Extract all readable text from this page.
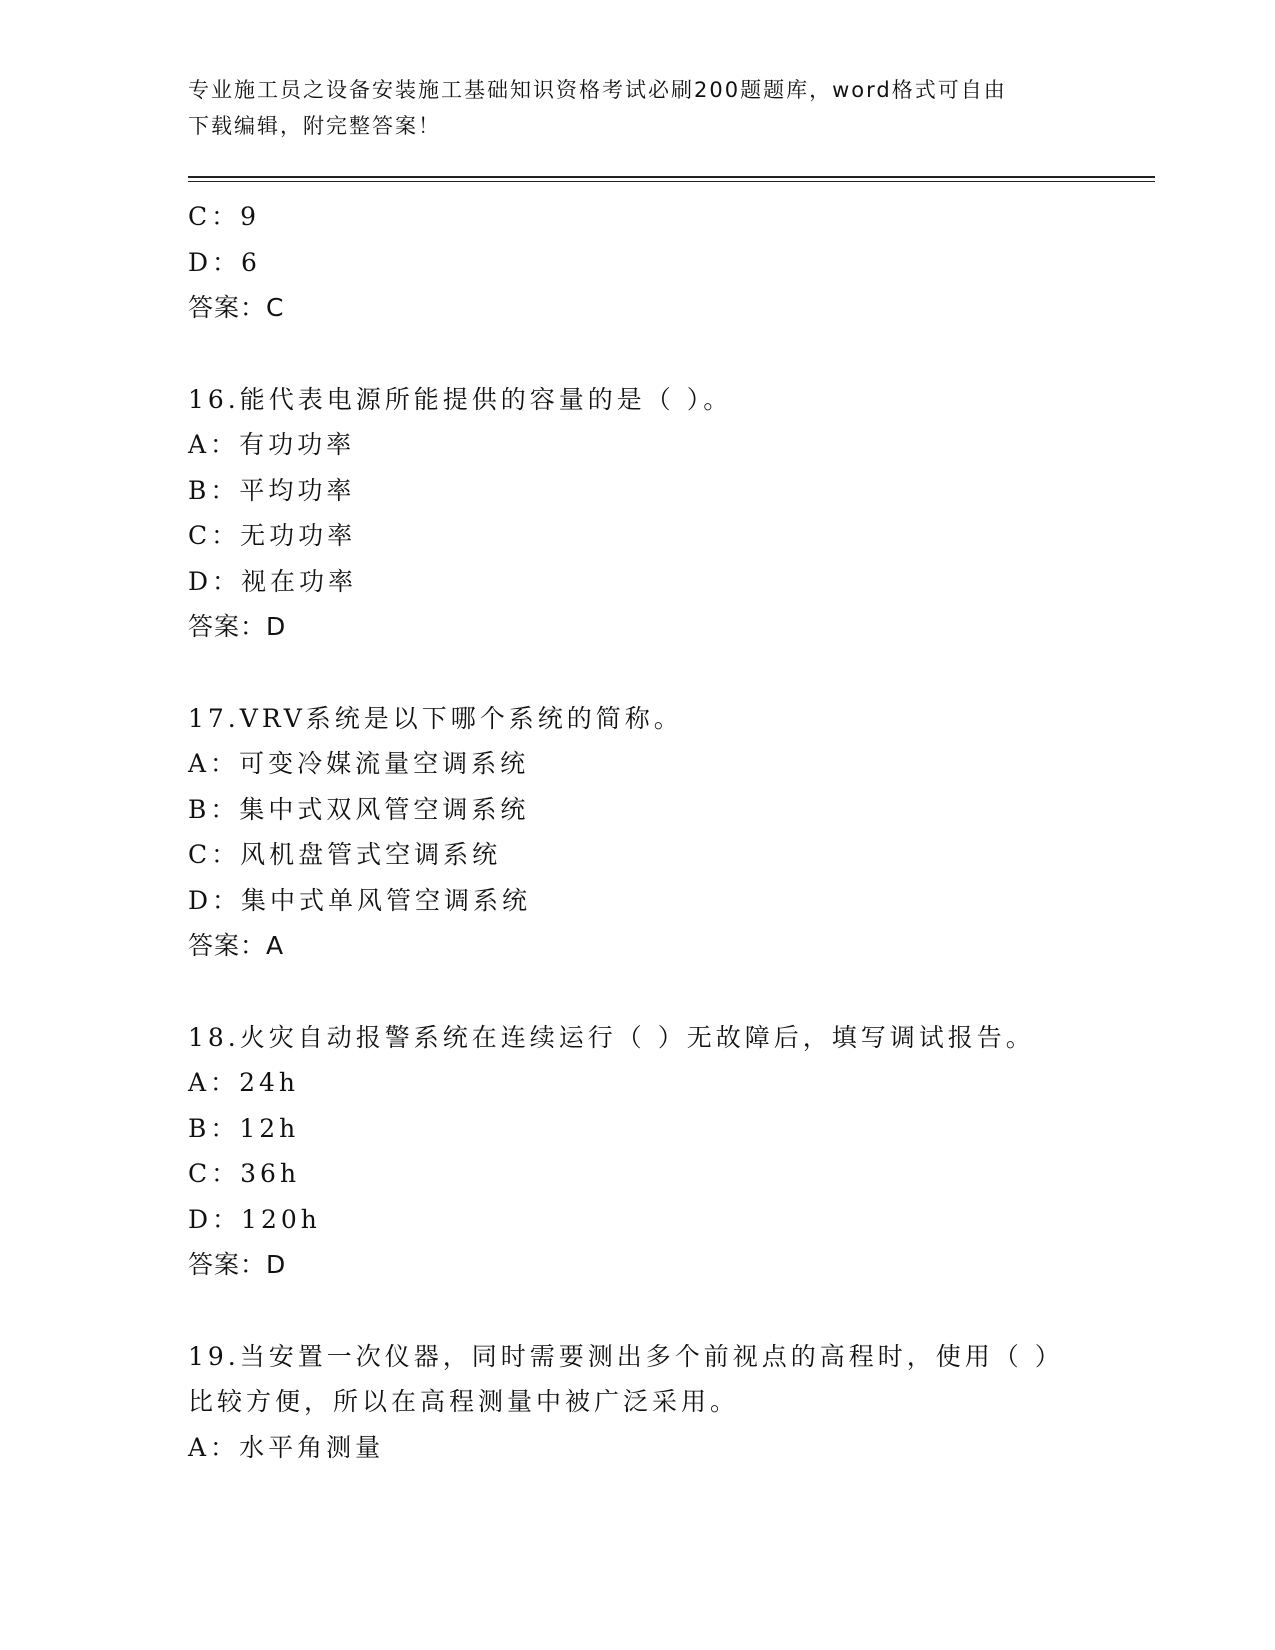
专业施工员之设备安装施工基础知识资格考试必刷200题题库，word格式可自由
下载编辑，附完整答案！
C：9
D：6
答案：C
16.能代表电源所能提供的容量的是（ ）。
A：有功功率
B：平均功率
C：无功功率
D：视在功率
答案：D
17.VRV系统是以下哪个系统的简称。
A：可变冷媒流量空调系统
B：集中式双风管空调系统
C：风机盘管式空调系统
D：集中式单风管空调系统
答案：A
18.火灾自动报警系统在连续运行（ ）无故障后，填写调试报告。
A：24h
B：12h
C：36h
D：120h
答案：D
19.当安置一次仪器，同时需要测出多个前视点的高程时，使用（ ）
比较方便，所以在高程测量中被广泛采用。
A：水平角测量
